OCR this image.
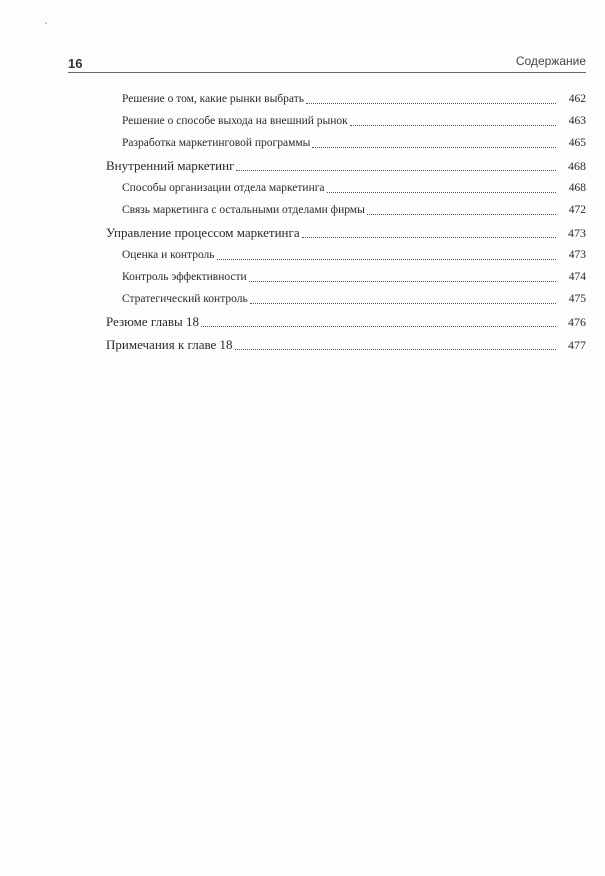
16	Содержание
Решение о том, какие рынки выбрать	462
Решение о способе выхода на внешний рынок	463
Разработка маркетинговой программы	465
Внутренний маркетинг	468
Способы организации отдела маркетинга	468
Связь маркетинга с остальными отделами фирмы	472
Управление процессом маркетинга	473
Оценка и контроль	473
Контроль эффективности	474
Стратегический контроль	475
Резюме главы 18	476
Примечания к главе 18	477
